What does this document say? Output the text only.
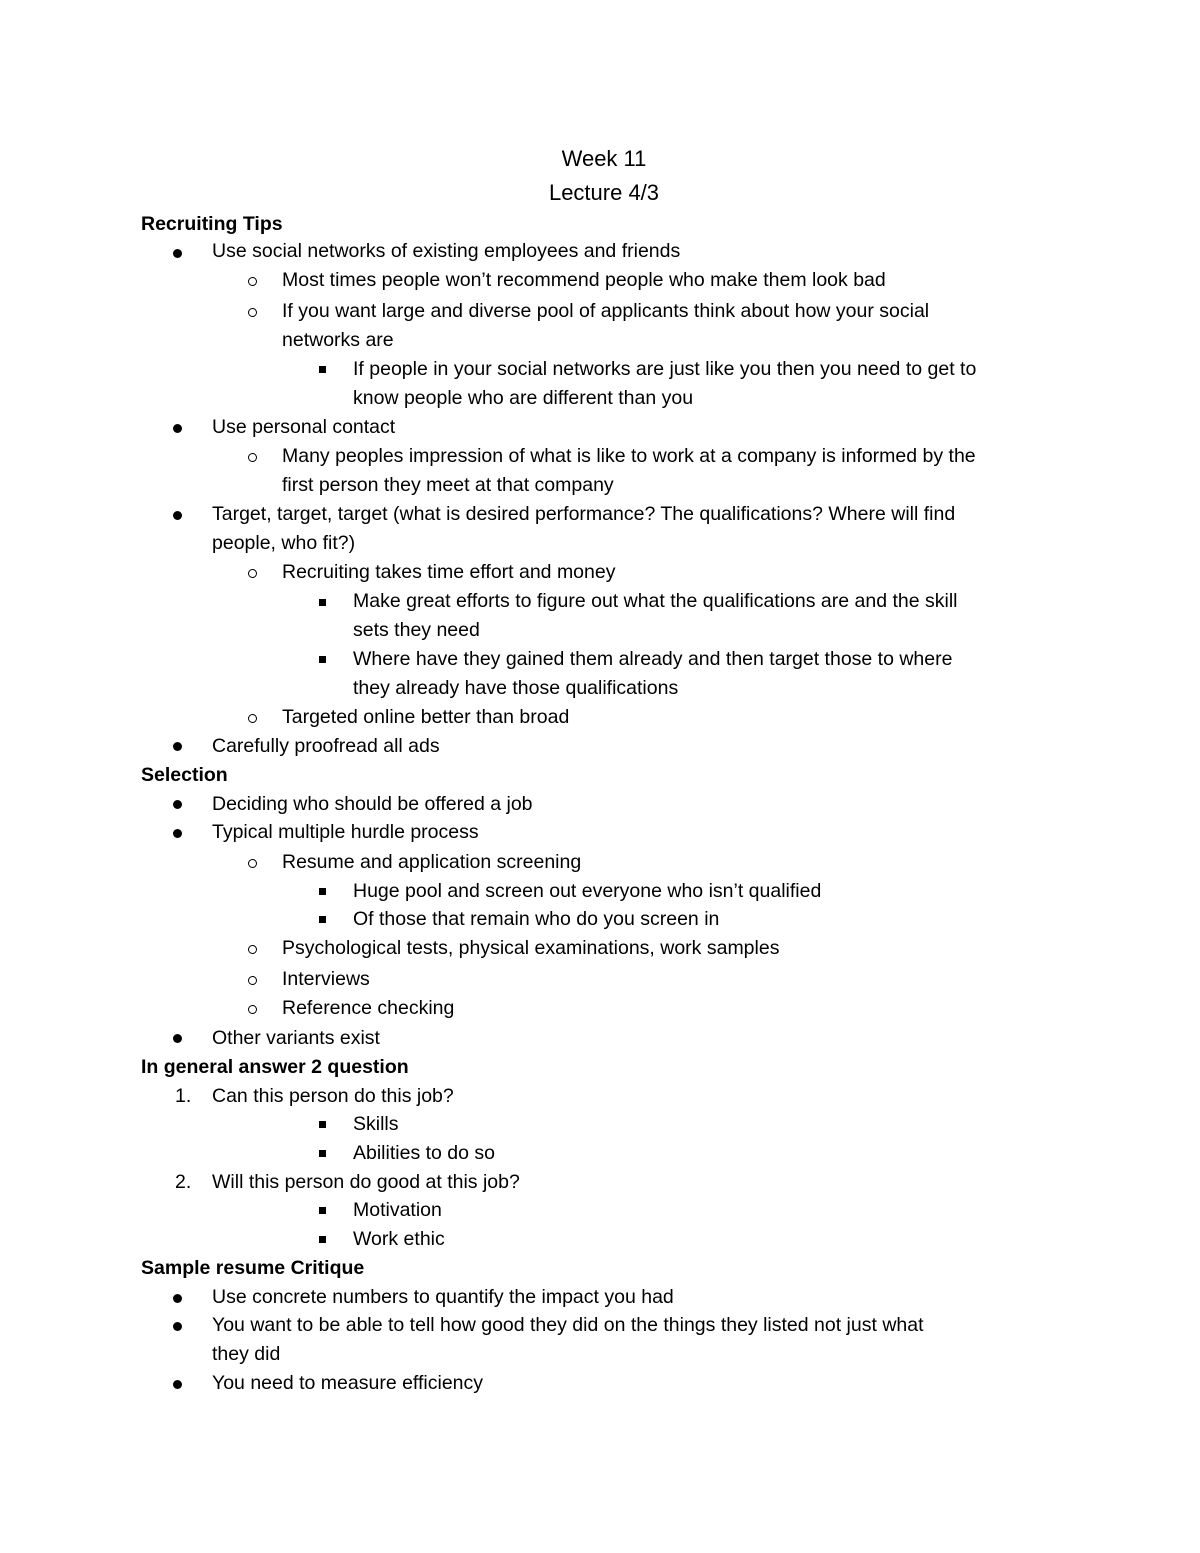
Week 11
Lecture 4/3
Recruiting Tips
Use social networks of existing employees and friends
Most times people won’t recommend people who make them look bad
If you want large and diverse pool of applicants think about how your social
networks are
If people in your social networks are just like you then you need to get to
know people who are different than you
Use personal contact
Many peoples impression of what is like to work at a company is informed by the
first person they meet at that company
Target, target, target (what is desired performance? The qualifications? Where will find
people, who fit?)
Recruiting takes time effort and money
Make great efforts to figure out what the qualifications are and the skill
sets they need
Where have they gained them already and then target those to where
they already have those qualifications
Targeted online better than broad
Carefully proofread all ads
Selection
Deciding who should be offered a job
Typical multiple hurdle process
Resume and application screening
Huge pool and screen out everyone who isn’t qualified
Of those that remain who do you screen in
Psychological tests, physical examinations, work samples
Interviews
Reference checking
Other variants exist
In general answer 2 question
1. Can this person do this job?
Skills
Abilities to do so
2. Will this person do good at this job?
Motivation
Work ethic
Sample resume Critique
Use concrete numbers to quantify the impact you had
You want to be able to tell how good they did on the things they listed not just what
they did
You need to measure efficiency
